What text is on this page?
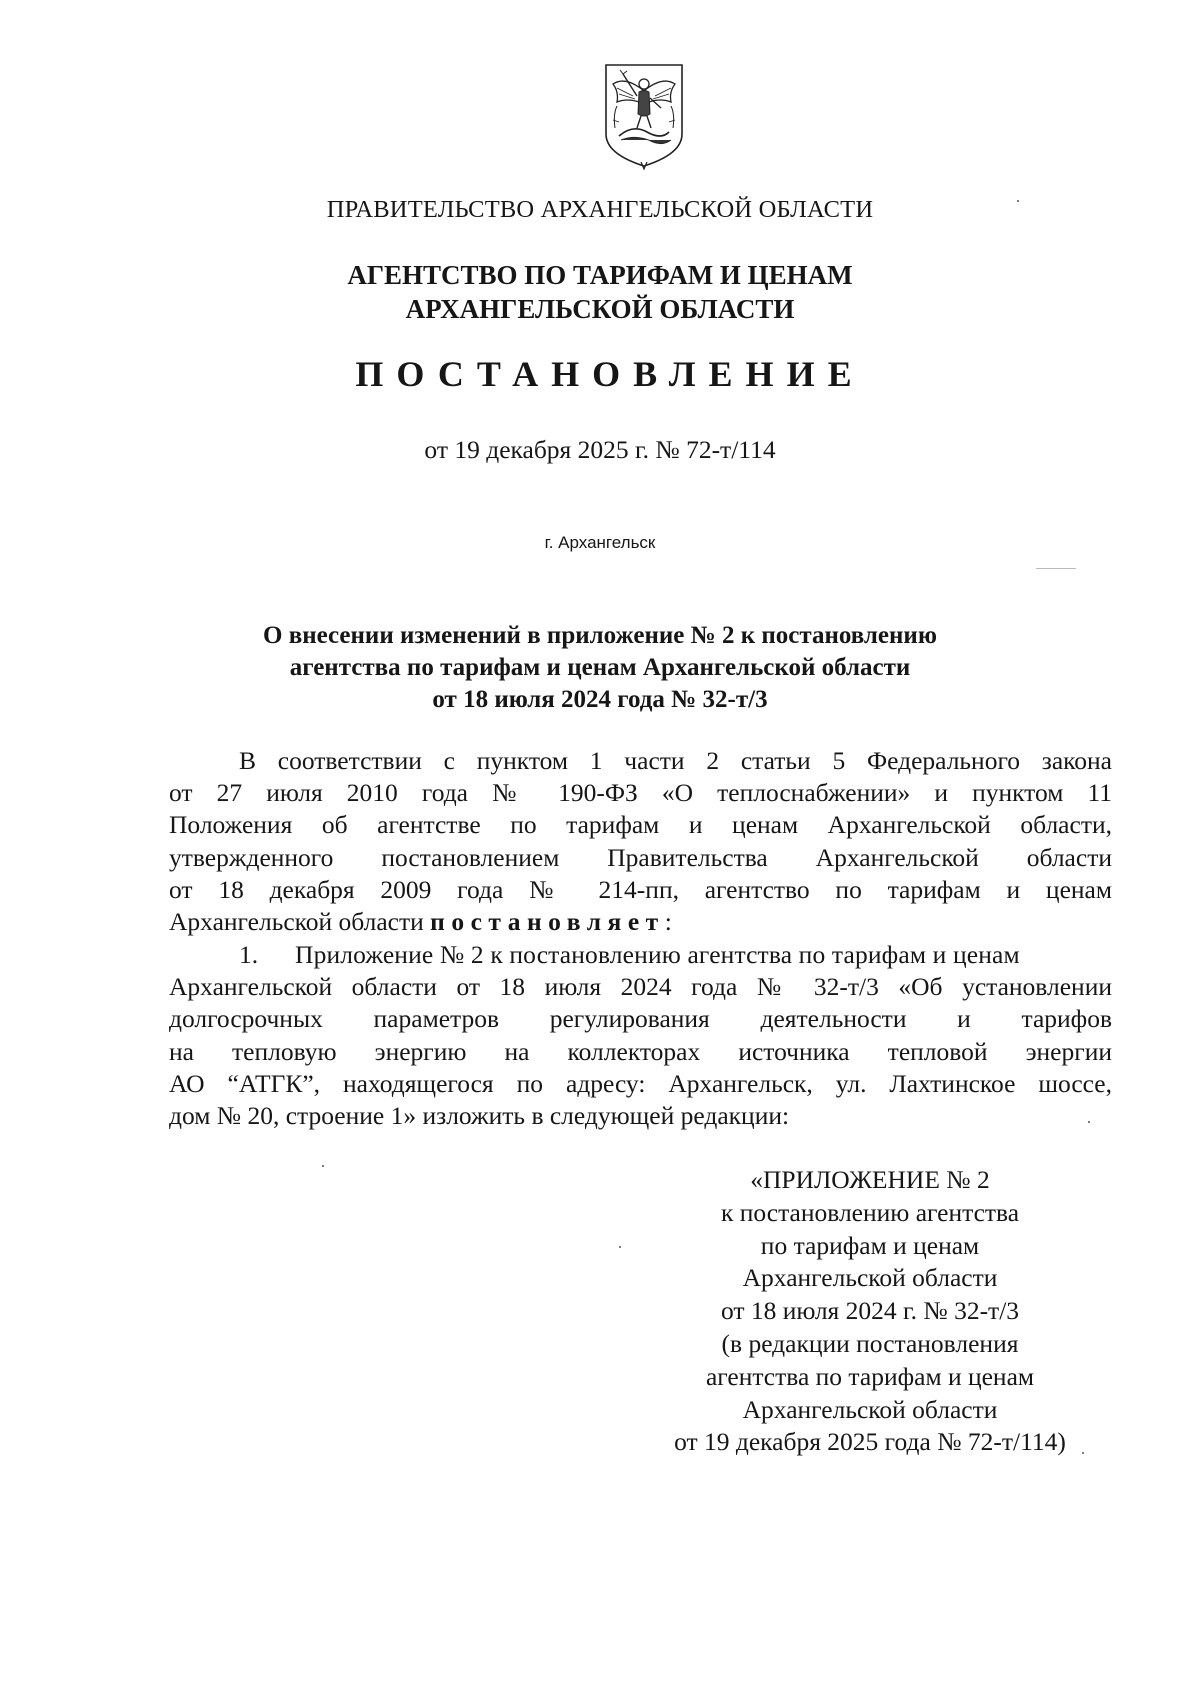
ПРАВИТЕЛЬСТВО АРХАНГЕЛЬСКОЙ ОБЛАСТИ
АГЕНТСТВО ПО ТАРИФАМ И ЦЕНАМ
АРХАНГЕЛЬСКОЙ ОБЛАСТИ
ПОСТАНОВЛЕНИЕ
от 19 декабря 2025 г. № 72-т/114
г. Архангельск
О внесении изменений в приложение № 2 к постановлению
агентства по тарифам и ценам Архангельской области
от 18 июля 2024 года № 32-т/3
В соответствии с пунктом 1 части 2 статьи 5 Федерального закона
от 27 июля 2010 года № 190-ФЗ «О теплоснабжении» и пунктом 11
Положения об агентстве по тарифам и ценам Архангельской области,
утвержденного постановлением Правительства Архангельской области
от 18 декабря 2009 года № 214-пп, агентство по тарифам и ценам
Архангельской области постановляет:
1. Приложение № 2 к постановлению агентства по тарифам и ценам
Архангельской области от 18 июля 2024 года № 32-т/3 «Об установлении
долгосрочных параметров регулирования деятельности и тарифов
на тепловую энергию на коллекторах источника тепловой энергии
АО “АТГК”, находящегося по адресу: Архангельск, ул. Лахтинское шоссе,
дом № 20, строение 1» изложить в следующей редакции:
«ПРИЛОЖЕНИЕ № 2
к постановлению агентства
по тарифам и ценам
Архангельской области
от 18 июля 2024 г. № 32-т/3
(в редакции постановления
агентства по тарифам и ценам
Архангельской области
от 19 декабря 2025 года № 72-т/114)
